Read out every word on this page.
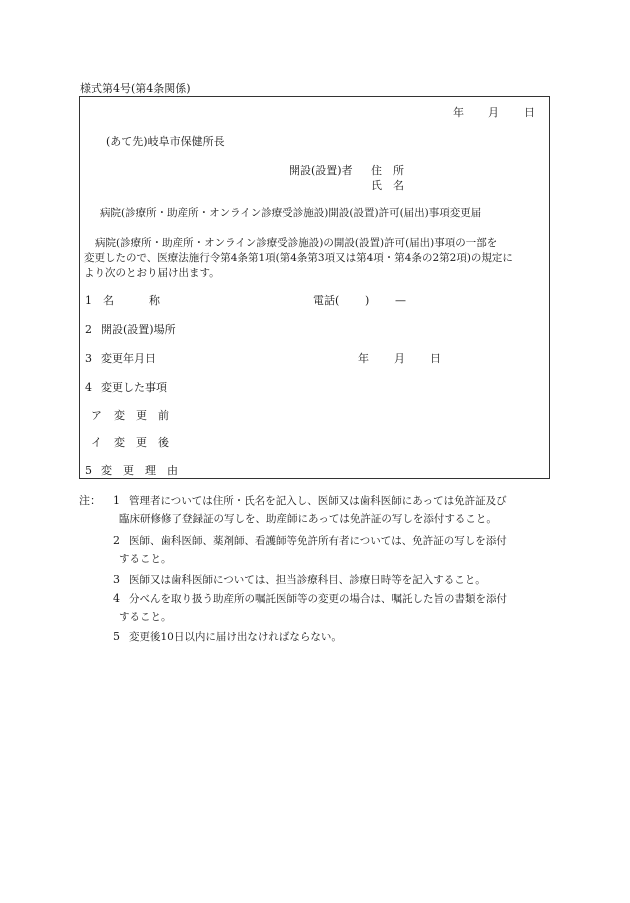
様式第4号(第4条関係)
年 月 日
(あて先)岐阜市保健所長
開設(設置)者 住　所
氏　名
病院(診療所・助産所・オンライン診療受診施設)開設(設置)許可(届出)事項変更届
病院(診療所・助産所・オンライン診療受診施設)の開設(設置)許可(届出)事項の一部を
変更したので、医療法施行令第4条第1項(第4条第3項又は第4項・第4条の2第2項)の規定に
より次のとおり届け出ます。
1 名	称	電話( ) —
2 開設(設置)場所
3 変更年月日	年 月 日
4 変更した事項
ア 変　更　前
イ 変　更　後
5 変　更　理　由
注： 1 管理者については住所・氏名を記入し、医師又は歯科医師にあっては免許証及び
臨床研修修了登録証の写しを、助産師にあっては免許証の写しを添付すること。
2 医師、歯科医師、薬剤師、看護師等免許所有者については、免許証の写しを添付
すること。
3 医師又は歯科医師については、担当診療科目、診療日時等を記入すること。
4 分べんを取り扱う助産所の嘱託医師等の変更の場合は、嘱託した旨の書類を添付
すること。
5 変更後10日以内に届け出なければならない。
